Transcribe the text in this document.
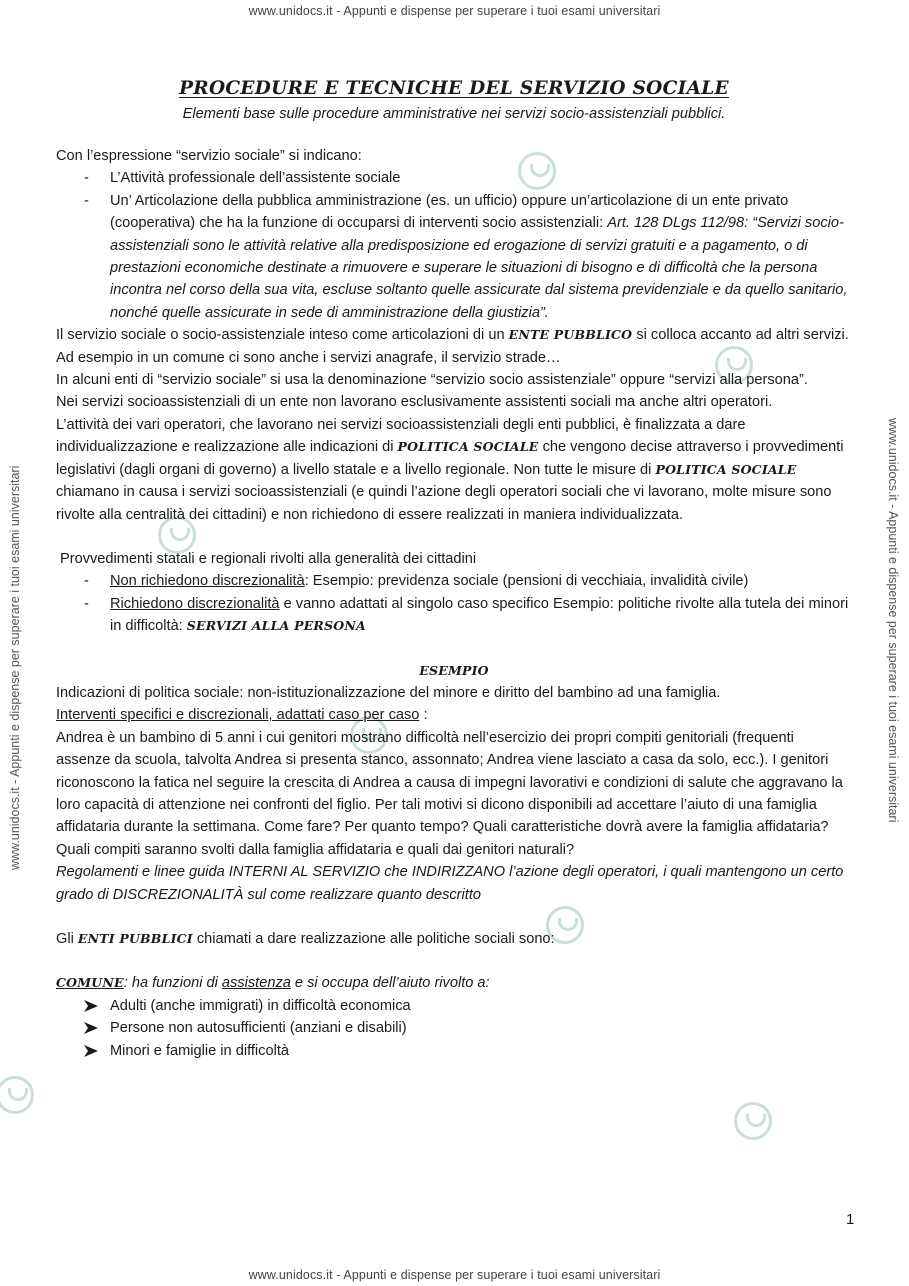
www.unidocs.it - Appunti e dispense per superare i tuoi esami universitari
www.unidocs.it - Appunti e dispense per superare i tuoi esami universitari
www.unidocs.it - Appunti e dispense per superare i tuoi esami universitari	www.unidocs.it - Appunti e dispense per superare i tuoi esami universitari
PROCEDURE E TECNICHE DEL SERVIZIO SOCIALE

Elementi base sulle procedure amministrative nei servizi socio-assistenziali pubblici.

Con l’espressione “servizio sociale” si indicano:

- L’Attività professionale dell’assistente sociale
- Un’ Articolazione della pubblica amministrazione (es. un ufficio) oppure un’articolazione di un ente privato (cooperativa) che ha la funzione di occuparsi di interventi socio assistenziali: Art. 128 DLgs 112/98: “Servizi socio-assistenziali sono le attività relative alla predisposizione ed erogazione di servizi gratuiti e a pagamento, o di prestazioni economiche destinate a rimuovere e superare le situazioni di bisogno e di difficoltà che la persona incontra nel corso della sua vita, escluse soltanto quelle assicurate dal sistema previdenziale e da quello sanitario, nonché quelle assicurate in sede di amministrazione della giustizia”.

Il servizio sociale o socio-assistenziale inteso come articolazioni di un ENTE PUBBLICO si colloca accanto ad altri servizi. Ad esempio in un comune ci sono anche i servizi anagrafe, il servizio strade…

In alcuni enti di “servizio sociale” si usa la denominazione “servizio socio assistenziale” oppure “servizi alla persona”.

Nei servizi socioassistenziali di un ente non lavorano esclusivamente assistenti sociali ma anche altri operatori.

L’attività dei vari operatori, che lavorano nei servizi socioassistenziali degli enti pubblici, è finalizzata a dare individualizzazione e realizzazione alle indicazioni di POLITICA SOCIALE che vengono decise attraverso i provvedimenti legislativi (dagli organi di governo) a livello statale e a livello regionale. Non tutte le misure di POLITICA SOCIALE chiamano in causa i servizi socioassistenziali (e quindi l’azione degli operatori sociali che vi lavorano, molte misure sono rivolte alla centralità dei cittadini) e non richiedono di essere realizzati in maniera individualizzata.

Provvedimenti statali e regionali rivolti alla generalità dei cittadini

- Non richiedono discrezionalità: Esempio: previdenza sociale (pensioni di vecchiaia, invalidità civile)
- Richiedono discrezionalità e vanno adattati al singolo caso specifico Esempio: politiche rivolte alla tutela dei minori in difficoltà: SERVIZI ALLA PERSONA

ESEMPIO

Indicazioni di politica sociale: non-istituzionalizzazione del minore e diritto del bambino ad una famiglia.

Interventi specifici e discrezionali, adattati caso per caso :

Andrea è un bambino di 5 anni i cui genitori mostrano difficoltà nell’esercizio dei propri compiti genitoriali (frequenti assenze da scuola, talvolta Andrea si presenta stanco, assonnato; Andrea viene lasciato a casa da solo, ecc.). I genitori riconoscono la fatica nel seguire la crescita di Andrea a causa di impegni lavorativi e condizioni di salute che aggravano la loro capacità di attenzione nei confronti del figlio. Per tali motivi si dicono disponibili ad accettare l’aiuto di una famiglia affidataria durante la settimana. Come fare? Per quanto tempo? Quali caratteristiche dovrà avere la famiglia affidataria? Quali compiti saranno svolti dalla famiglia affidataria e quali dai genitori naturali?

Regolamenti e linee guida INTERNI AL SERVIZIO che INDIRIZZANO l’azione degli operatori, i quali mantengono un certo grado di DISCREZIONALITÀ sul come realizzare quanto descritto

Gli ENTI PUBBLICI chiamati a dare realizzazione alle politiche sociali sono:

COMUNE: ha funzioni di assistenza e si occupa dell’aiuto rivolto a:

Adulti (anche immigrati) in difficoltà economica
Persone non autosufficienti (anziani e disabili)
Minori e famiglie in difficoltà
1
